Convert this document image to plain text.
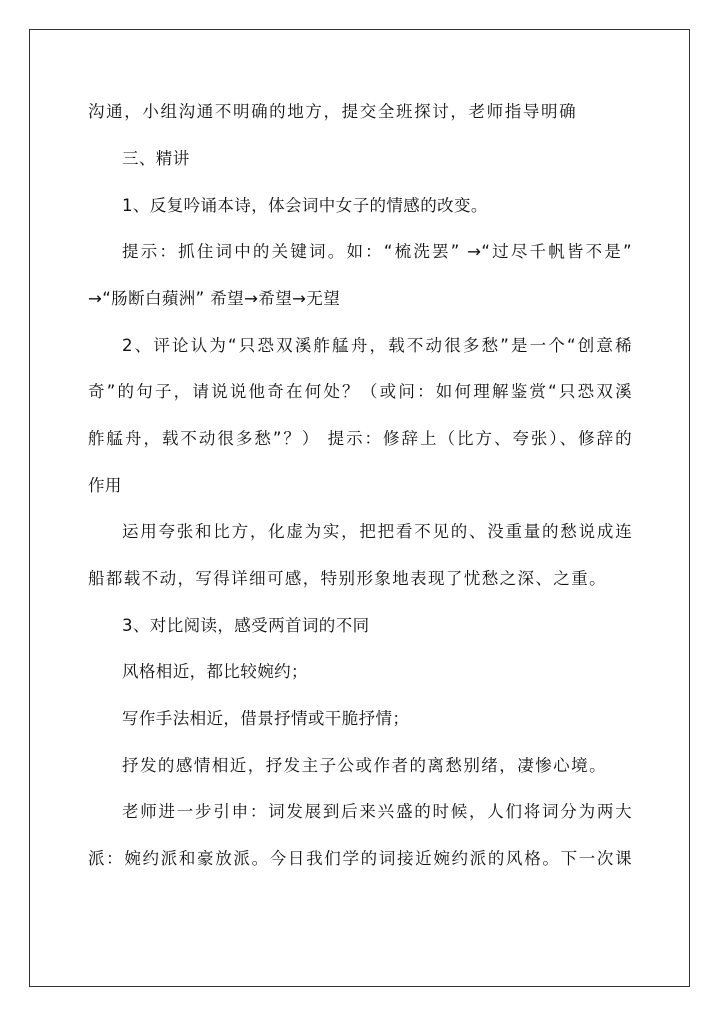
沟通，小组沟通不明确的地方，提交全班探讨，老师指导明确
三、精讲
1、反复吟诵本诗，体会词中女子的情感的改变。
提示：抓住词中的关键词。如：“梳洗罢” →“过尽千帆皆不是”
→“肠断白蘋洲” 希望→希望→无望
2、评论认为“只恐双溪舴艋舟，载不动很多愁”是一个“创意稀
奇”的句子，请说说他奇在何处？（或问：如何理解鉴赏“只恐双溪
舴艋舟，载不动很多愁”？） 提示：修辞上（比方、夸张）、修辞的
作用
运用夸张和比方，化虚为实，把把看不见的、没重量的愁说成连
船都载不动，写得详细可感，特别形象地表现了忧愁之深、之重。
3、对比阅读，感受两首词的不同
风格相近，都比较婉约；
写作手法相近，借景抒情或干脆抒情；
抒发的感情相近，抒发主子公或作者的离愁别绪，凄惨心境。
老师进一步引申：词发展到后来兴盛的时候，人们将词分为两大
派：婉约派和豪放派。今日我们学的词接近婉约派的风格。下一次课
